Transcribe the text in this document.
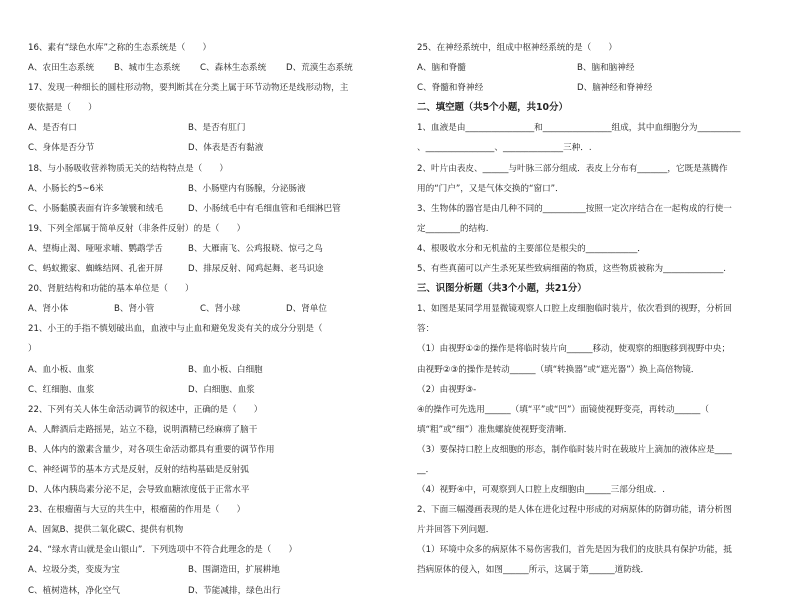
16、素有“绿色水库”之称的生态系统是（　　）
A、农田生态系统	B、城市生态系统	C、森林生态系统	D、荒漠生态系统
17、发现一种细长的圆柱形动物，要判断其在分类上属于环节动物还是线形动物，主
要依据是（　　）
A、是否有口	B、是否有肛门
C、身体是否分节	D、体表是否有黏液
18、与小肠吸收营养物质无关的结构特点是（　　）
A、小肠长约5~6米	B、小肠壁内有肠腺，分泌肠液
C、小肠黏膜表面有许多皱襞和绒毛	D、小肠绒毛中有毛细血管和毛细淋巴管
19、下列全部属于简单反射（非条件反射）的是（　　）
A、望梅止渴、哑哑求哺、鹦鹉学舌	B、大雁南飞、公鸡报晓、惊弓之鸟
C、蚂蚁搬家、蜘蛛结网、孔雀开屏	D、排尿反射、闻鸡起舞、老马识途
20、肾脏结构和功能的基本单位是（　　）
A、肾小体	B、肾小管	C、肾小球	D、肾单位
21、小王的手指不慎划破出血，血液中与止血和避免发炎有关的成分分别是（
）
A、血小板、血浆	B、血小板、白细胞
C、红细胞、血浆	D、白细胞、血浆
22、下列有关人体生命活动调节的叙述中，正确的是（　　）
A、人醉酒后走路摇晃，站立不稳，说明酒精已经麻痹了脑干
B、人体内的激素含量少，对各项生命活动都具有重要的调节作用
C、神经调节的基本方式是反射，反射的结构基础是反射弧
D、人体内胰岛素分泌不足，会导致血糖浓度低于正常水平
23、在根瘤菌与大豆的共生中，根瘤菌的作用是（　　）
A、固氮B、提供二氧化碳C、提供有机物
24、“绿水青山就是金山银山”．下列选项中不符合此理念的是（　　）
A、垃圾分类，变废为宝	B、围湖造田，扩展耕地
C、植树造林，净化空气	D、节能减排，绿色出行
25、在神经系统中，组成中枢神经系统的是（　　）
A、脑和脊髓	B、脑和脑神经
C、脊髓和脊神经	D、脑神经和脊神经
二、填空题（共5个小题，共10分）
1、血液是由________________和________________组成，其中血细胞分为__________
、________________、______________三种．.
2、叶片由表皮、______与叶脉三部分组成．表皮上分布有_______，它既是蒸腾作
用的“门户”，又是气体交换的“窗口”．
3、生物体的器官是由几种不同的__________按照一定次序结合在一起构成的行使一
定________的结构.
4、根吸收水分和无机盐的主要部位是根尖的____________．
5、有些真菌可以产生杀死某些致病细菌的物质，这些物质被称为______________.
三、识图分析题（共3个小题，共21分）
1、如图是某同学用显微镜观察人口腔上皮细胞临时装片，依次看到的视野，分析回
答：
（1）由视野①②的操作是将临时装片向______移动，使观察的细胞移到视野中央；
由视野②③的操作是转动______（填“转换器”或“遮光器”）换上高倍物镜．
（2）由视野③-
④的操作可先选用______（填“平”或“凹”）面镜使视野变亮，再转动______（
填“粗”或“细”）准焦螺旋使视野变清晰．
（3）要保持口腔上皮细胞的形态，制作临时装片时在载玻片上滴加的液体应是____
__．
（4）视野④中，可观察到人口腔上皮细胞由______三部分组成．.
2、下面三幅漫画表现的是人体在进化过程中形成的对病原体的防御功能，请分析图
片并回答下列问题．
（1）环境中众多的病原体不易伤害我们，首先是因为我们的皮肤具有保护功能，抵
挡病原体的侵入，如图______所示，这属于第______道防线．
